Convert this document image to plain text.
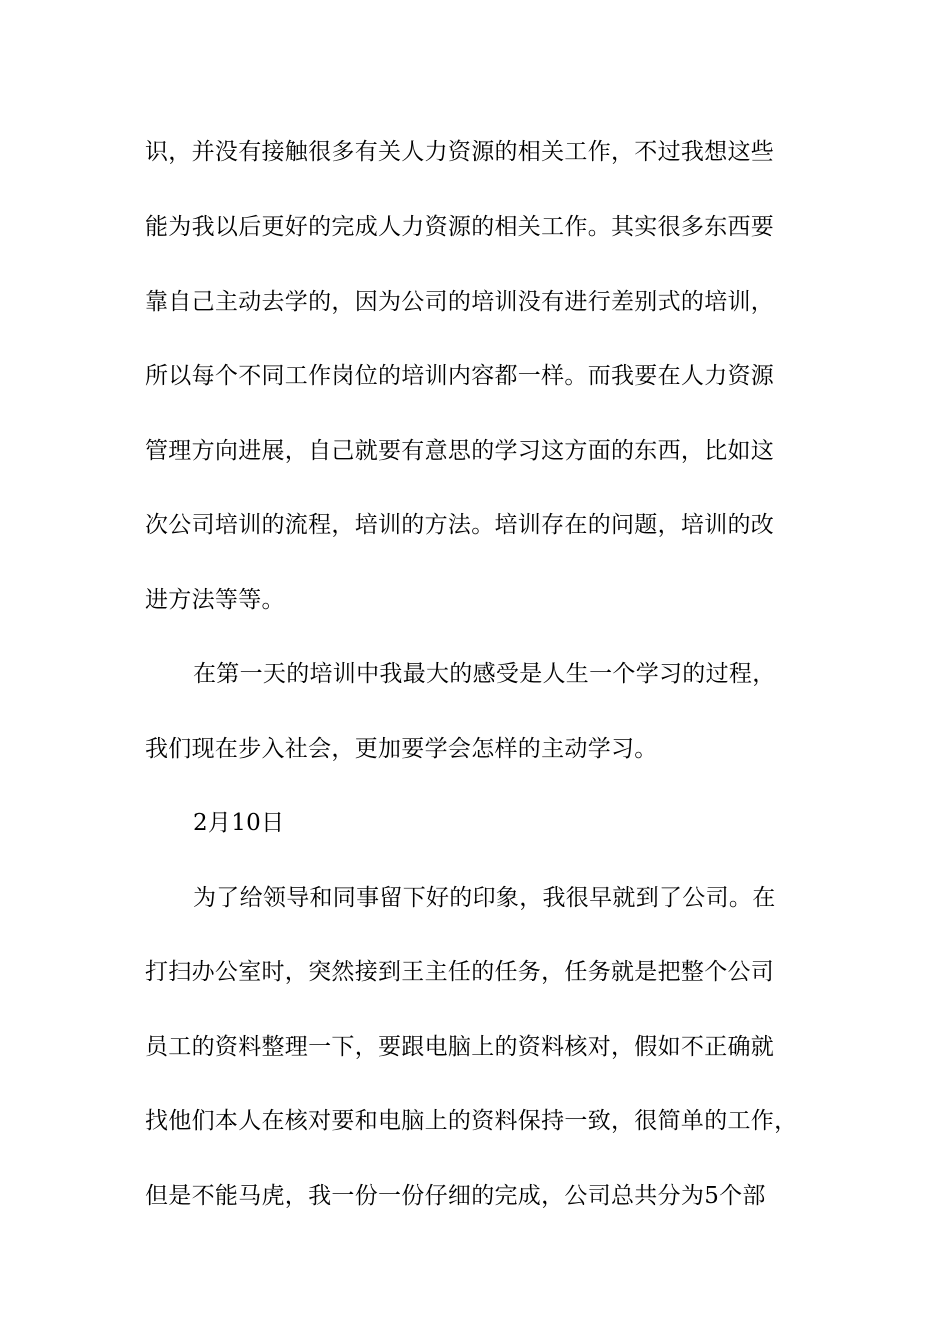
识，并没有接触很多有关人力资源的相关工作，不过我想这些
能为我以后更好的完成人力资源的相关工作。其实很多东西要
靠自己主动去学的，因为公司的培训没有进行差别式的培训，
所以每个不同工作岗位的培训内容都一样。而我要在人力资源
管理方向进展，自己就要有意思的学习这方面的东西，比如这
次公司培训的流程，培训的方法。培训存在的问题，培训的改
进方法等等。
在第一天的培训中我最大的感受是人生一个学习的过程，
我们现在步入社会，更加要学会怎样的主动学习。
2月10日
为了给领导和同事留下好的印象，我很早就到了公司。在
打扫办公室时，突然接到王主任的任务，任务就是把整个公司
员工的资料整理一下，要跟电脑上的资料核对，假如不正确就
找他们本人在核对要和电脑上的资料保持一致，很简单的工作，
但是不能马虎，我一份一份仔细的完成，公司总共分为5个部
